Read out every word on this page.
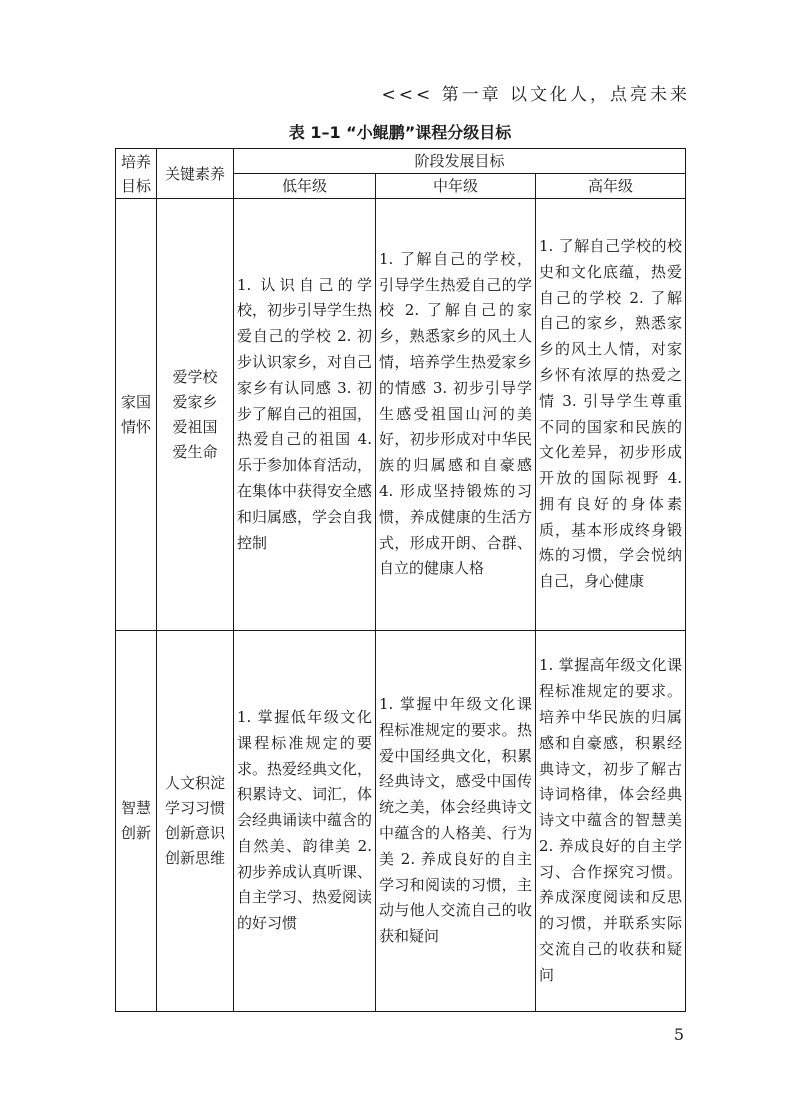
<<< 第一章 以文化人，点亮未来
表 1–1 “小鲲鹏”课程分级目标
培养目标	关键素养	阶段发展目标		
		低年级	中年级	高年级
家国情怀	爱学校
爱家乡
爱祖国
爱生命	1. 认识自己的学校，初步引导学生热爱自己的学校 2. 初步认识家乡，对自己家乡有认同感 3. 初步了解自己的祖国，热爱自己的祖国 4. 乐于参加体育活动，在集体中获得安全感和归属感，学会自我控制	1. 了解自己的学校，引导学生热爱自己的学校 2. 了解自己的家乡，熟悉家乡的风土人情，培养学生热爱家乡的情感 3. 初步引导学生感受祖国山河的美好，初步形成对中华民族的归属感和自豪感 4. 形成坚持锻炼的习惯，养成健康的生活方式，形成开朗、合群、自立的健康人格	1. 了解自己学校的校史和文化底蕴，热爱自己的学校 2. 了解自己的家乡，熟悉家乡的风土人情，对家乡怀有浓厚的热爱之情 3. 引导学生尊重不同的国家和民族的文化差异，初步形成开放的国际视野 4. 拥有良好的身体素质，基本形成终身锻炼的习惯，学会悦纳自己，身心健康
智慧创新	人文积淀
学习习惯
创新意识
创新思维	1. 掌握低年级文化课程标准规定的要求。热爱经典文化，积累诗文、词汇，体会经典诵读中蕴含的自然美、韵律美 2. 初步养成认真听课、自主学习、热爱阅读的好习惯	1. 掌握中年级文化课程标准规定的要求。热爱中国经典文化，积累经典诗文，感受中国传统之美，体会经典诗文中蕴含的人格美、行为美 2. 养成良好的自主学习和阅读的习惯，主动与他人交流自己的收获和疑问	1. 掌握高年级文化课程标准规定的要求。培养中华民族的归属感和自豪感，积累经典诗文，初步了解古诗词格律，体会经典诗文中蕴含的智慧美 2. 养成良好的自主学习、合作探究习惯。养成深度阅读和反思的习惯，并联系实际交流自己的收获和疑问
5
